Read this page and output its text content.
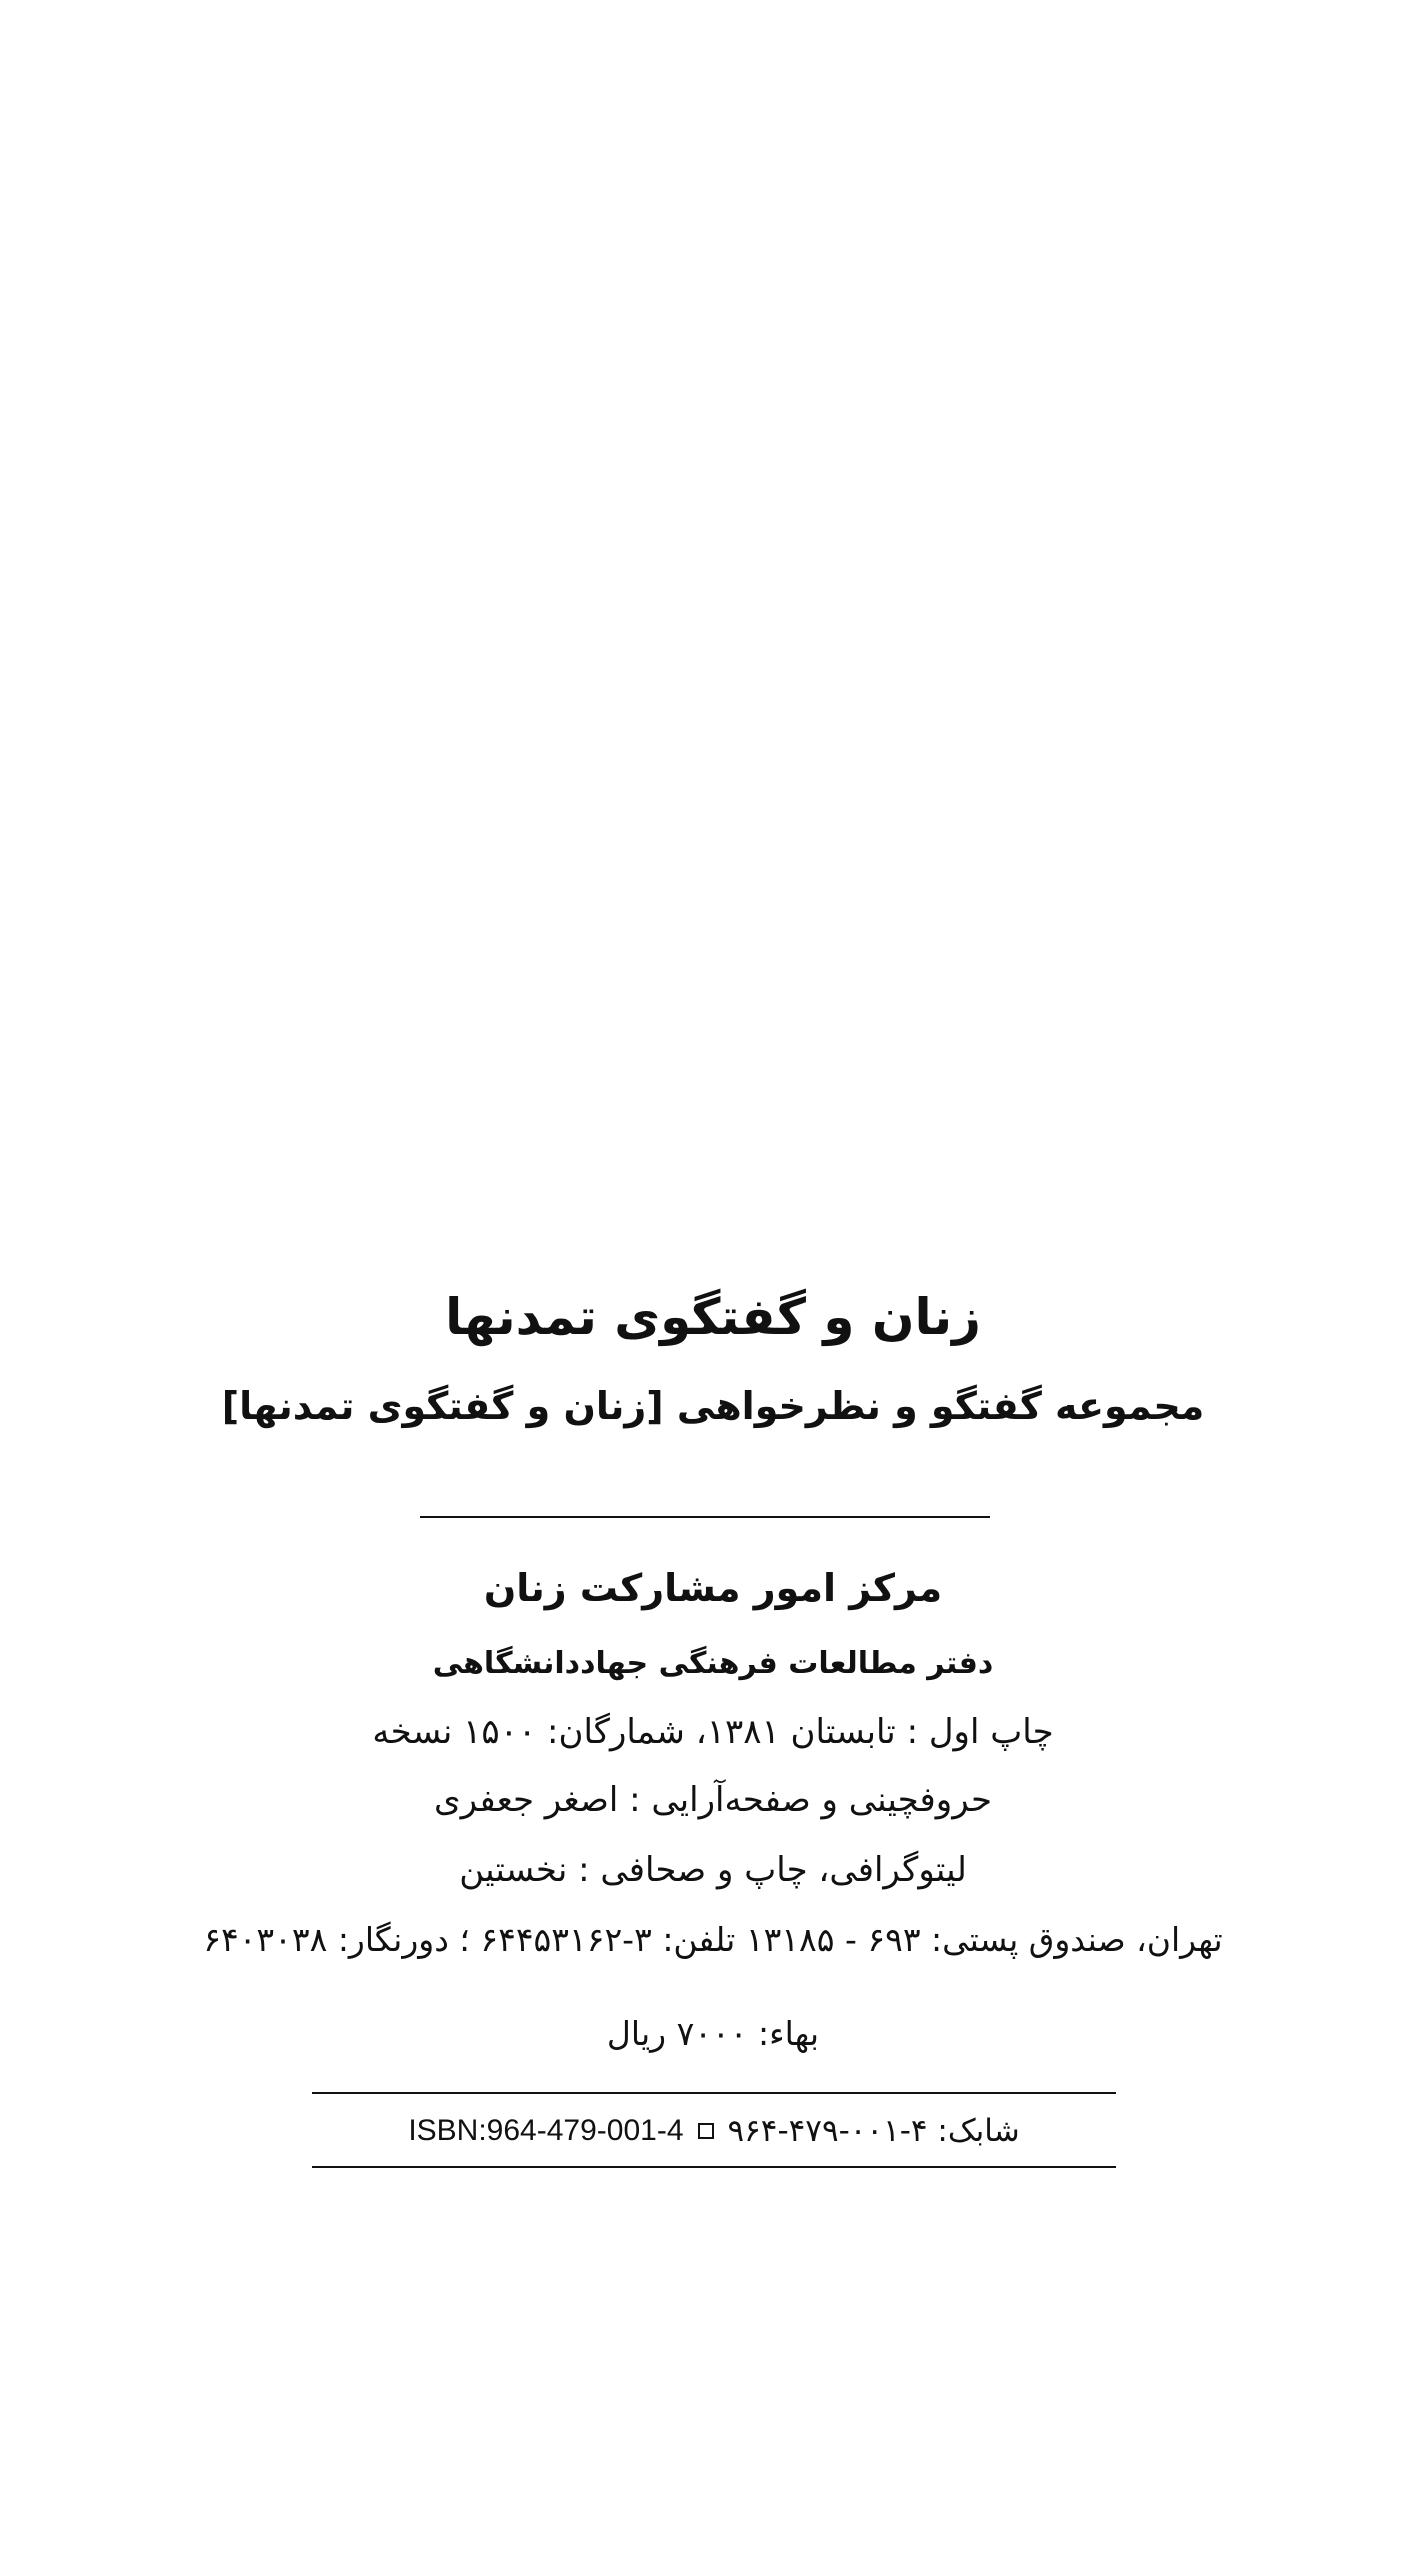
زنان و گفتگوی تمدنها
مجموعه گفتگو و نظرخواهی [زنان و گفتگوی تمدنها]
مرکز امور مشارکت زنان
دفتر مطالعات فرهنگی جهاددانشگاهی
چاپ اول : تابستان ۱۳۸۱، شمارگان: ۱۵۰۰ نسخه
حروفچینی و صفحه‌آرایی : اصغر جعفری
لیتوگرافی، چاپ و صحافی : نخستین
تهران، صندوق پستی: ۶۹۳ - ۱۳۱۸۵ تلفن: ۳-۶۴۴۵۳۱۶۲ ؛ دورنگار: ۶۴۰۳۰۳۸
بهاء: ۷۰۰۰ ریال
شابک: ۴-۰۰۱-۴۷۹-۹۶۴
ISBN:964-479-001-4
